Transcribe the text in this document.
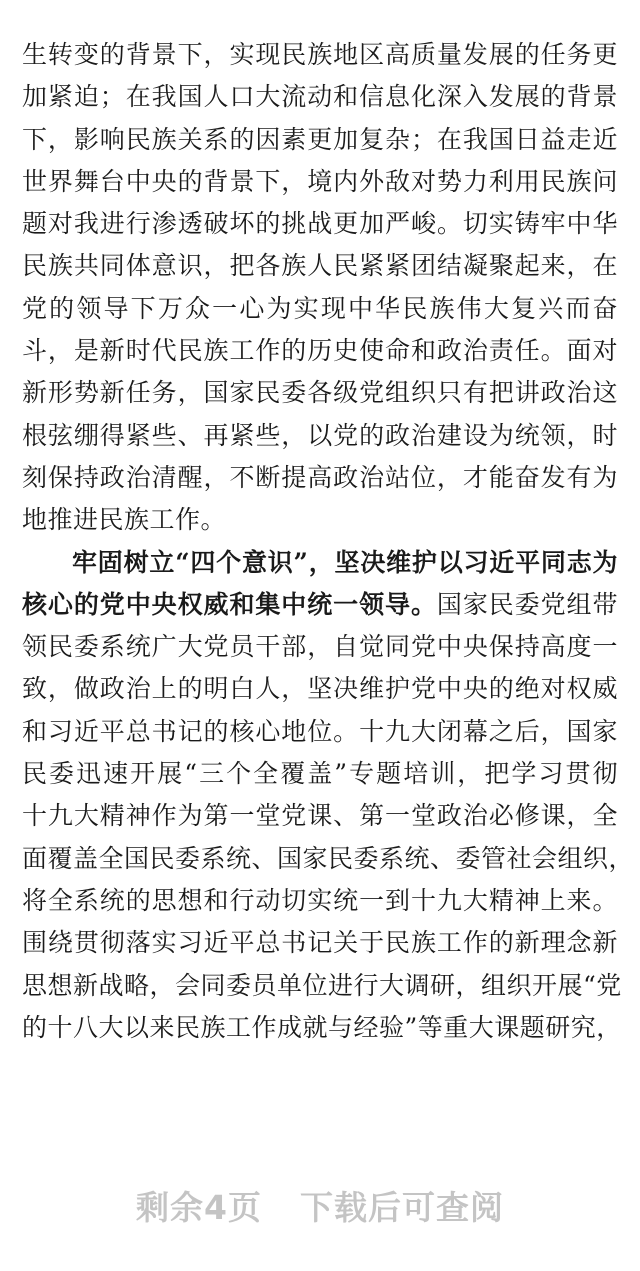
生转变的背景下，实现民族地区高质量发展的任务更
加紧迫；在我国人口大流动和信息化深入发展的背景
下，影响民族关系的因素更加复杂；在我国日益走近
世界舞台中央的背景下，境内外敌对势力利用民族问
题对我进行渗透破坏的挑战更加严峻。切实铸牢中华
民族共同体意识，把各族人民紧紧团结凝聚起来，在
党的领导下万众一心为实现中华民族伟大复兴而奋
斗，是新时代民族工作的历史使命和政治责任。面对
新形势新任务，国家民委各级党组织只有把讲政治这
根弦绷得紧些、再紧些，以党的政治建设为统领，时
刻保持政治清醒，不断提高政治站位，才能奋发有为
地推进民族工作。
牢固树立“四个意识”，坚决维护以习近平同志为
核心的党中央权威和集中统一领导。国家民委党组带
领民委系统广大党员干部，自觉同党中央保持高度一
致，做政治上的明白人，坚决维护党中央的绝对权威
和习近平总书记的核心地位。十九大闭幕之后，国家
民委迅速开展“三个全覆盖”专题培训，把学习贯彻
十九大精神作为第一堂党课、第一堂政治必修课，全
面覆盖全国民委系统、国家民委系统、委管社会组织，
将全系统的思想和行动切实统一到十九大精神上来。
围绕贯彻落实习近平总书记关于民族工作的新理念新
思想新战略，会同委员单位进行大调研，组织开展“党
的十八大以来民族工作成就与经验”等重大课题研究，
剩余4页 下载后可查阅
